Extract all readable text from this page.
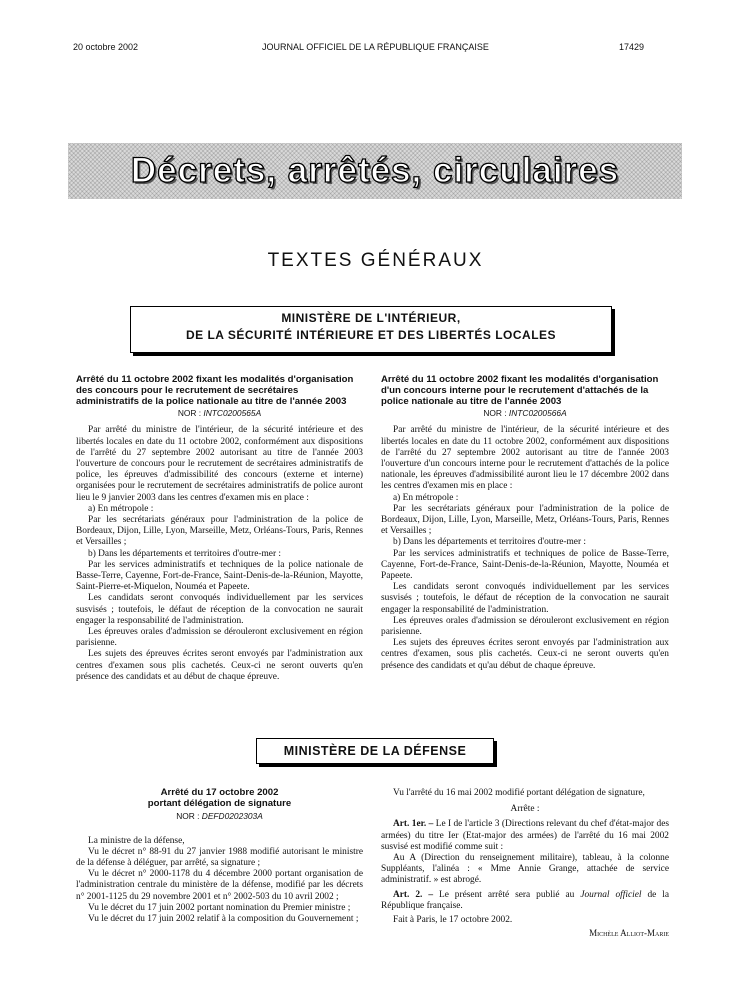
20 octobre 2002	JOURNAL OFFICIEL DE LA RÉPUBLIQUE FRANÇAISE	17429
Décrets, arrêtés, circulaires
TEXTES GÉNÉRAUX
MINISTÈRE DE L'INTÉRIEUR,
DE LA SÉCURITÉ INTÉRIEURE ET DES LIBERTÉS LOCALES
Arrêté du 11 octobre 2002 fixant les modalités d'organisation des concours pour le recrutement de secrétaires administratifs de la police nationale au titre de l'année 2003
NOR : INTC0200565A

Par arrêté du ministre de l'intérieur, de la sécurité intérieure et des libertés locales en date du 11 octobre 2002, conformément aux dispositions de l'arrêté du 27 septembre 2002 autorisant au titre de l'année 2003 l'ouverture de concours pour le recrutement de secrétaires administratifs de police, les épreuves d'admissibilité des concours (externe et interne) organisées pour le recrutement de secrétaires administratifs de police auront lieu le 9 janvier 2003 dans les centres d'examen mis en place :

a) En métropole :

Par les secrétariats généraux pour l'administration de la police de Bordeaux, Dijon, Lille, Lyon, Marseille, Metz, Orléans-Tours, Paris, Rennes et Versailles ;

b) Dans les départements et territoires d'outre-mer :

Par les services administratifs et techniques de la police nationale de Basse-Terre, Cayenne, Fort-de-France, Saint-Denis-de-la-Réunion, Mayotte, Saint-Pierre-et-Miquelon, Nouméa et Papeete.

Les candidats seront convoqués individuellement par les services susvisés ; toutefois, le défaut de réception de la convocation ne saurait engager la responsabilité de l'administration.

Les épreuves orales d'admission se dérouleront exclusivement en région parisienne.

Les sujets des épreuves écrites seront envoyés par l'administration aux centres d'examen sous plis cachetés. Ceux-ci ne seront ouverts qu'en présence des candidats et au début de chaque épreuve.

Arrêté du 11 octobre 2002 fixant les modalités d'organisation d'un concours interne pour le recrutement d'attachés de la police nationale au titre de l'année 2003
NOR : INTC0200566A

Par arrêté du ministre de l'intérieur, de la sécurité intérieure et des libertés locales en date du 11 octobre 2002, conformément aux dispositions de l'arrêté du 27 septembre 2002 autorisant au titre de l'année 2003 l'ouverture d'un concours interne pour le recrutement d'attachés de la police nationale, les épreuves d'admissibilité auront lieu le 17 décembre 2002 dans les centres d'examen mis en place :

a) En métropole :

Par les secrétariats généraux pour l'administration de la police de Bordeaux, Dijon, Lille, Lyon, Marseille, Metz, Orléans-Tours, Paris, Rennes et Versailles ;

b) Dans les départements et territoires d'outre-mer :

Par les services administratifs et techniques de police de Basse-Terre, Cayenne, Fort-de-France, Saint-Denis-de-la-Réunion, Mayotte, Nouméa et Papeete.

Les candidats seront convoqués individuellement par les services susvisés ; toutefois, le défaut de réception de la convocation ne saurait engager la responsabilité de l'administration.

Les épreuves orales d'admission se dérouleront exclusivement en région parisienne.

Les sujets des épreuves écrites seront envoyés par l'administration aux centres d'examen, sous plis cachetés. Ceux-ci ne seront ouverts qu'en présence des candidats et qu'au début de chaque épreuve.

MINISTÈRE DE LA DÉFENSE
Arrêté du 17 octobre 2002
portant délégation de signature
NOR : DEFD0202303A

La ministre de la défense,

Vu le décret n° 88-91 du 27 janvier 1988 modifié autorisant le ministre de la défense à déléguer, par arrêté, sa signature ;

Vu le décret n° 2000-1178 du 4 décembre 2000 portant organisation de l'administration centrale du ministère de la défense, modifié par les décrets n° 2001-1125 du 29 novembre 2001 et n° 2002-503 du 10 avril 2002 ;

Vu le décret du 17 juin 2002 portant nomination du Premier ministre ;

Vu le décret du 17 juin 2002 relatif à la composition du Gouvernement ;

Vu l'arrêté du 16 mai 2002 modifié portant délégation de signature,

Arrête :

Art. 1er. – Le I de l'article 3 (Directions relevant du chef d'état-major des armées) du titre Ier (Etat-major des armées) de l'arrêté du 16 mai 2002 susvisé est modifié comme suit :

Au A (Direction du renseignement militaire), tableau, à la colonne Suppléants, l'alinéa : « Mme Annie Grange, attachée de service administratif. » est abrogé.

Art. 2. – Le présent arrêté sera publié au Journal officiel de la République française.

Fait à Paris, le 17 octobre 2002.

Michèle Alliot-Marie
